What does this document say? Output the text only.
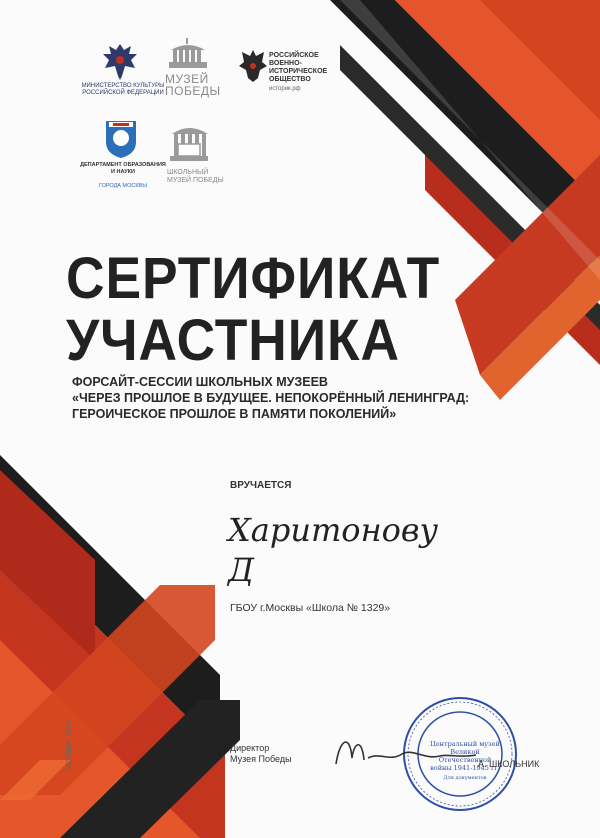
МИНИСТЕРСТВО КУЛЬТУРЫ РОССИЙСКОЙ ФЕДЕРАЦИИ
МУЗЕЙ ПОБЕДЫ
РОССИЙСКОЕ ВОЕННО-ИСТОРИЧЕСКОЕ ОБЩЕСТВО
историк.рф
ДЕПАРТАМЕНТ ОБРАЗОВАНИЯ И НАУКИ
ГОРОДА МОСКВЫ
ШКОЛЬНЫЙ МУЗЕЙ ПОБЕДЫ
СЕРТИФИКАТ
УЧАСТНИКА
ФОРСАЙТ-СЕССИИ ШКОЛЬНЫХ МУЗЕЕВ
«ЧЕРЕЗ ПРОШЛОЕ В БУДУЩЕЕ. НЕПОКОРЁННЫЙ ЛЕНИНГРАД:
ГЕРОИЧЕСКОЕ ПРОШЛОЕ В ПАМЯТИ ПОКОЛЕНИЙ»
ВРУЧАЕТСЯ
Харитонову
Д
ГБОУ г.Москвы «Школа № 1329»
Директор
Музея Победы
Центральный музей Великой Отечественной войны 1941-1945 гг.
Для документов
А. ШКОЛЬНИК
МОСКВА, 2021
